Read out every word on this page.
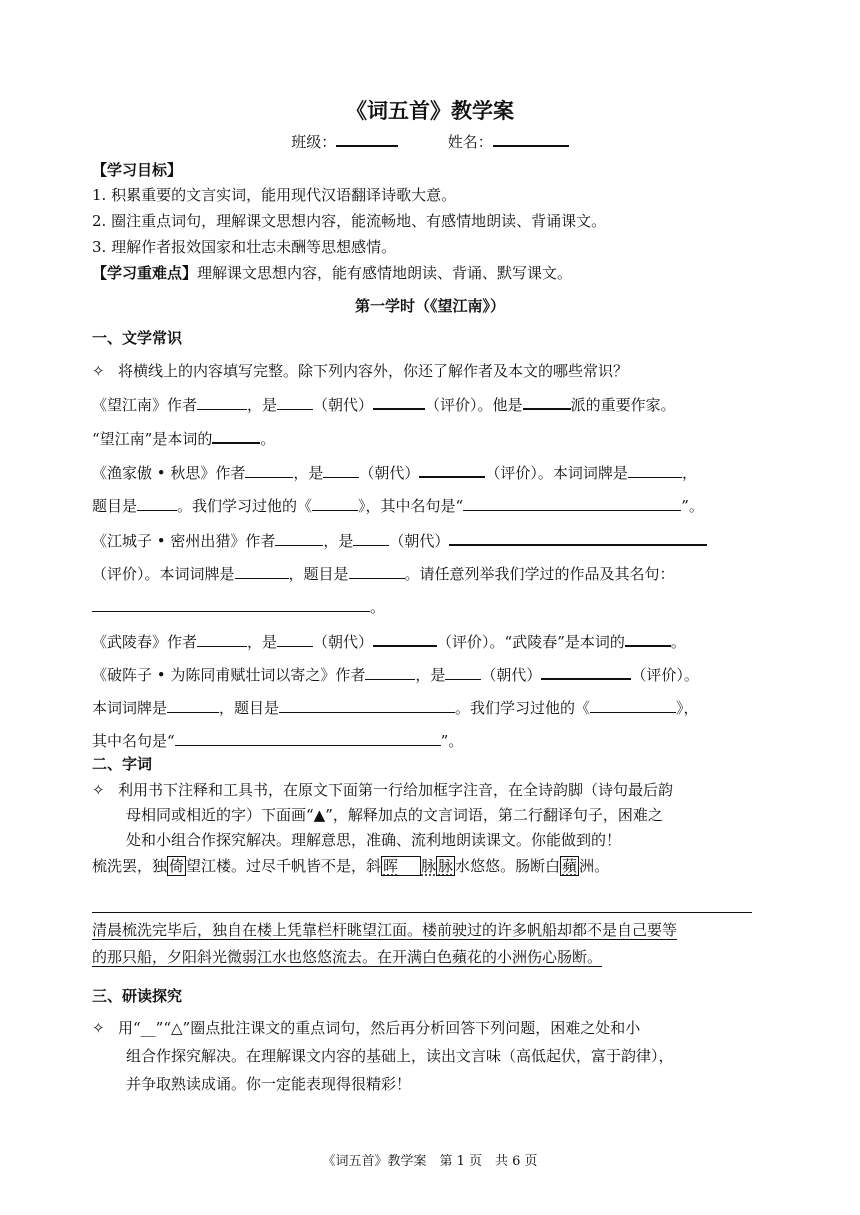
《词五首》教学案
班级：	姓名：
【学习目标】
1. 积累重要的文言实词，能用现代汉语翻译诗歌大意。
2. 圈注重点词句，理解课文思想内容，能流畅地、有感情地朗读、背诵课文。
3. 理解作者报效国家和壮志未酬等思想感情。
【学习重难点】理解课文思想内容，能有感情地朗读、背诵、默写课文。
第一学时（《望江南》）
一、文学常识
✧ 将横线上的内容填写完整。除下列内容外，你还了解作者及本文的哪些常识？
《望江南》作者	，是 （朝代）	（评价）。他是	派的重要作家。
“望江南”是本词的	。
《渔家傲 • 秋思》作者	，是 （朝代）	（评价）。本词词牌是	，
题目是	。我们学习过他的《	》，其中名句是“	”。
《江城子 • 密州出猎》作者	，是 （朝代）
（评价）。本词词牌是	，题目是	。请任意列举我们学过的作品及其名句：
。
《武陵春》作者	，是 （朝代）	（评价）。“武陵春”是本词的	。
《破阵子 • 为陈同甫赋壮词以寄之》作者	，是 （朝代）	（评价）。
本词词牌是	，题目是	。我们学习过他的《	》，
其中名句是“	”。
二、字词
✧ 利用书下注释和工具书，在原文下面第一行给加框字注音，在全诗韵脚（诗句最后韵
母相同或相近的字）下面画“▲”，解释加点的文言词语，第二行翻译句子，困难之
处和小组合作探究解决。理解意思，准确、流利地朗读课文。你能做到的！
梳洗罢，独 倚 望江楼。过尽千帆皆不是，斜 晖 脉 脉 水悠悠。肠断白 蘋 洲。
清晨梳洗完毕后，独自在楼上凭靠栏杆眺望江面。楼前驶过的许多帆船却都不是自己要等
的那只船，夕阳斜光微弱江水也悠悠流去。在开满白色蘋花的小洲伤心肠断。
三、研读探究
✧ 用“__”“△”圈点批注课文的重点词句，然后再分析回答下列问题，困难之处和小
组合作探究解决。在理解课文内容的基础上，读出文言味（高低起伏，富于韵律），
并争取熟读成诵。你一定能表现得很精彩！
《词五首》教学案　第 1 页　共 6 页
